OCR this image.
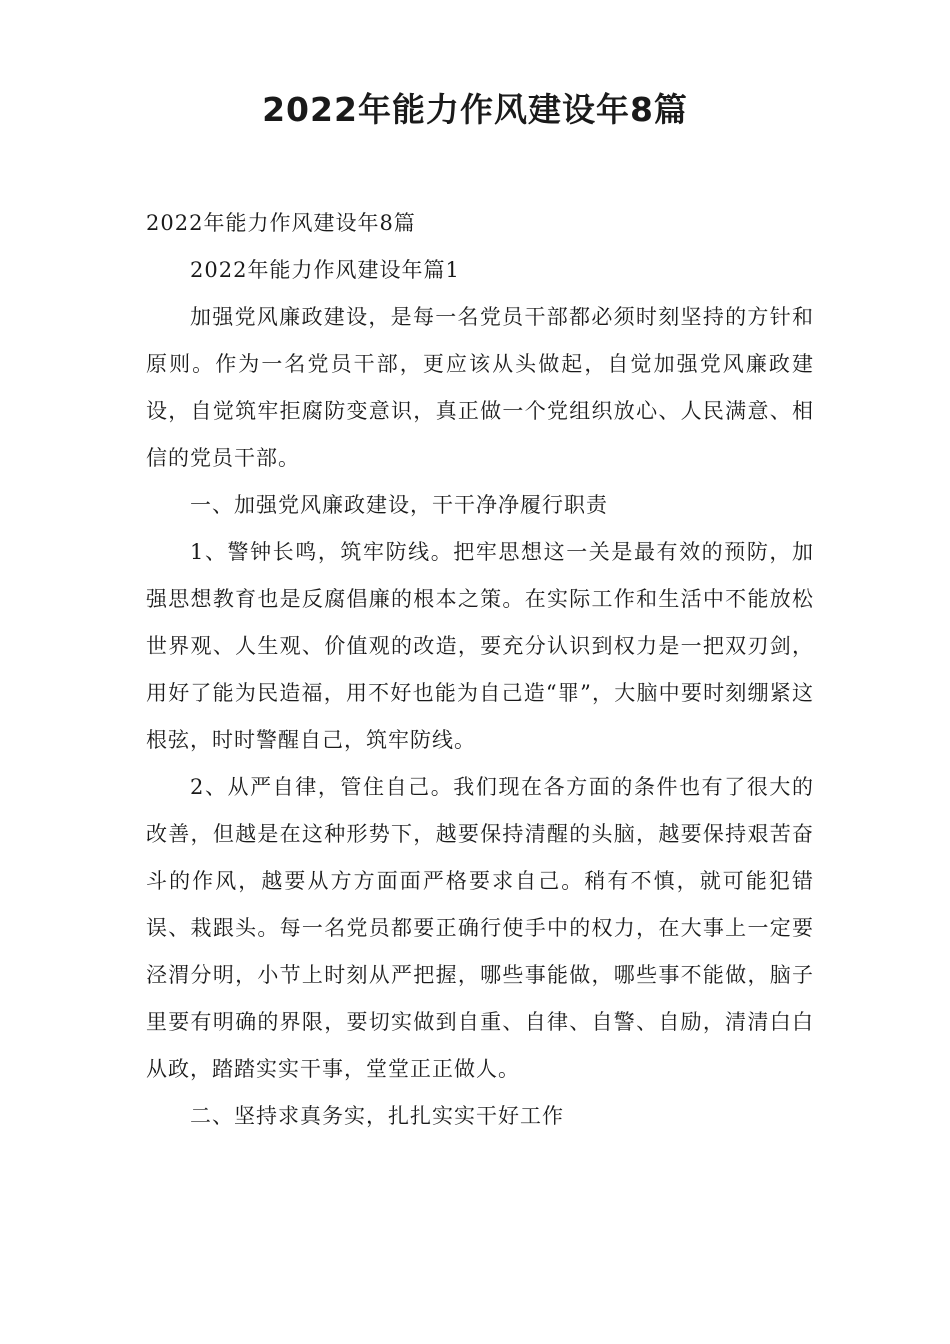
2022年能力作风建设年8篇

2022年能力作风建设年8篇

2022年能力作风建设年篇1

加强党风廉政建设，是每一名党员干部都必须时刻坚持的方针和原则。作为一名党员干部，更应该从头做起，自觉加强党风廉政建设，自觉筑牢拒腐防变意识，真正做一个党组织放心、人民满意、相信的党员干部。

一、加强党风廉政建设，干干净净履行职责

1、警钟长鸣，筑牢防线。把牢思想这一关是最有效的预防，加强思想教育也是反腐倡廉的根本之策。在实际工作和生活中不能放松世界观、人生观、价值观的改造，要充分认识到权力是一把双刃剑，用好了能为民造福，用不好也能为自己造“罪”，大脑中要时刻绷紧这根弦，时时警醒自己，筑牢防线。

2、从严自律，管住自己。我们现在各方面的条件也有了很大的改善，但越是在这种形势下，越要保持清醒的头脑，越要保持艰苦奋斗的作风，越要从方方面面严格要求自己。稍有不慎，就可能犯错误、栽跟头。每一名党员都要正确行使手中的权力，在大事上一定要泾渭分明，小节上时刻从严把握，哪些事能做，哪些事不能做，脑子里要有明确的界限，要切实做到自重、自律、自警、自励，清清白白从政，踏踏实实干事，堂堂正正做人。

二、坚持求真务实，扎扎实实干好工作
